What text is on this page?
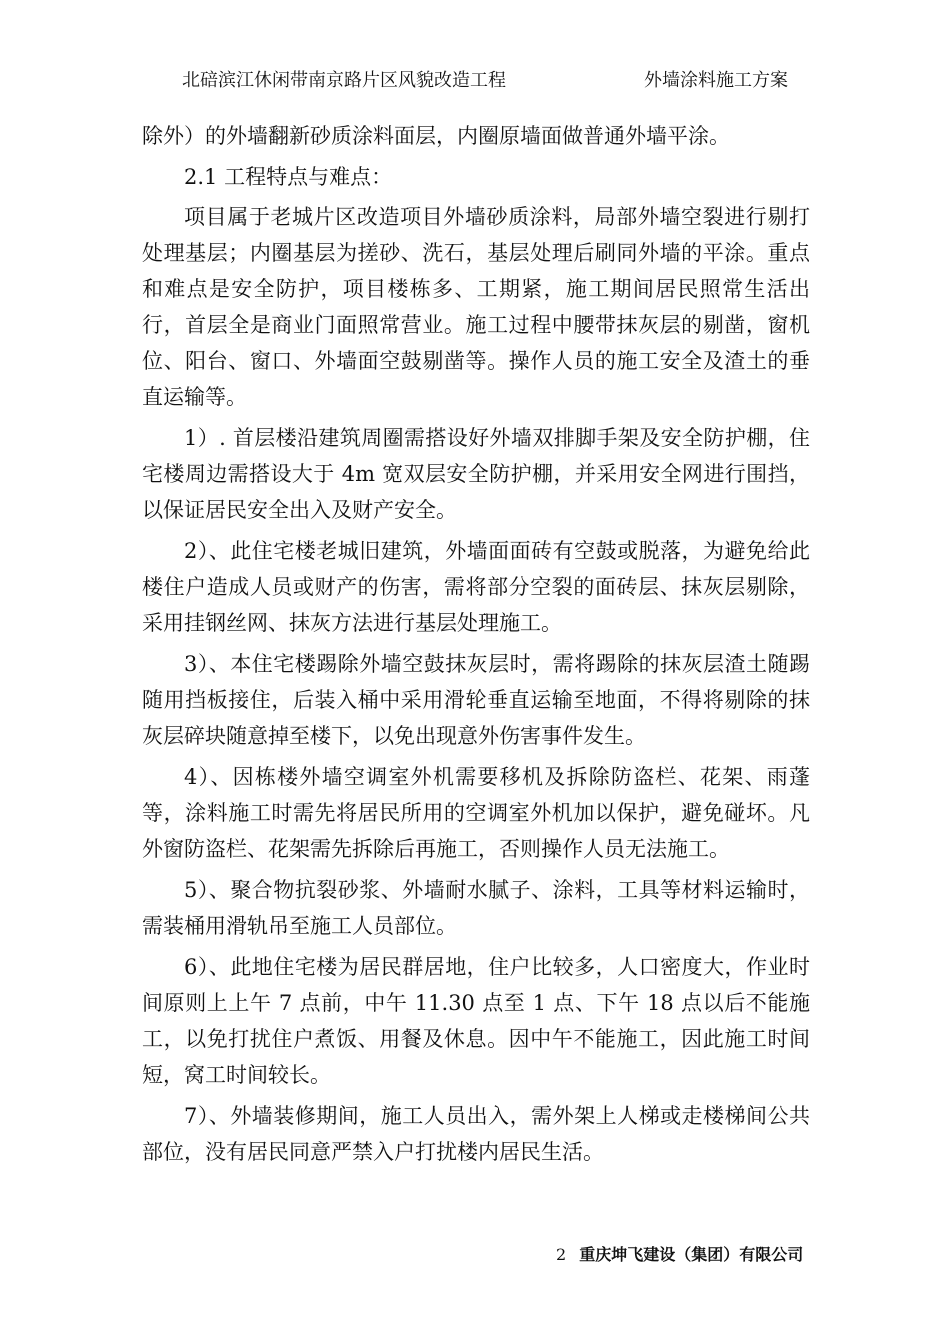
北碚滨江休闲带南京路片区风貌改造工程	外墙涂料施工方案

除外）的外墙翻新砂质涂料面层，内圈原墙面做普通外墙平涂。

2.1 工程特点与难点：

项目属于老城片区改造项目外墙砂质涂料，局部外墙空裂进行剔打处理基层；内圈基层为搓砂、洗石，基层处理后刷同外墙的平涂。重点和难点是安全防护，项目楼栋多、工期紧，施工期间居民照常生活出行，首层全是商业门面照常营业。施工过程中腰带抹灰层的剔凿，窗机位、阳台、窗口、外墙面空鼓剔凿等。操作人员的施工安全及渣土的垂直运输等。

1）. 首层楼沿建筑周圈需搭设好外墙双排脚手架及安全防护棚，住宅楼周边需搭设大于 4m 宽双层安全防护棚，并采用安全网进行围挡，以保证居民安全出入及财产安全。

2）、此住宅楼老城旧建筑，外墙面面砖有空鼓或脱落，为避免给此楼住户造成人员或财产的伤害，需将部分空裂的面砖层、抹灰层剔除，采用挂钢丝网、抹灰方法进行基层处理施工。

3）、本住宅楼踢除外墙空鼓抹灰层时，需将踢除的抹灰层渣土随踢随用挡板接住，后装入桶中采用滑轮垂直运输至地面，不得将剔除的抹灰层碎块随意掉至楼下，以免出现意外伤害事件发生。

4）、因栋楼外墙空调室外机需要移机及拆除防盗栏、花架、雨蓬等，涂料施工时需先将居民所用的空调室外机加以保护，避免碰坏。凡外窗防盗栏、花架需先拆除后再施工，否则操作人员无法施工。

5）、聚合物抗裂砂浆、外墙耐水腻子、涂料，工具等材料运输时，需装桶用滑轨吊至施工人员部位。

6）、此地住宅楼为居民群居地，住户比较多，人口密度大，作业时间原则上上午 7 点前，中午 11.30 点至 1 点、下午 18 点以后不能施工，以免打扰住户煮饭、用餐及休息。因中午不能施工，因此施工时间短，窝工时间较长。

7）、外墙装修期间，施工人员出入，需外架上人梯或走楼梯间公共部位，没有居民同意严禁入户打扰楼内居民生活。

2 重庆坤飞建设（集团）有限公司
